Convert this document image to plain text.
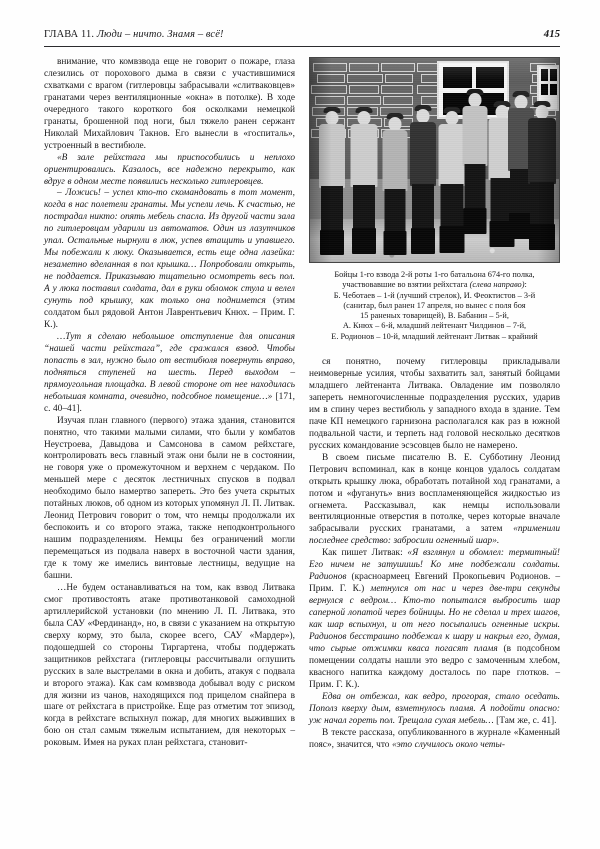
ГЛАВА 11. Люди – ничто. Знамя – всё!	415

внимание, что комвзвода еще не говорит о пожаре, глаза слезились от порохового дыма в связи с участившимися схватками с врагом (гитлеровцы забрасывали «слитваковцев» гранатами через вентиляционные «окна» в потолке). В ходе очередного такого короткого боя осколками немецкой гранаты, брошенной под ноги, был тяжело ранен сержант Николай Михайлович Такнов. Его вынесли в «госпиталь», устроенный в вестибюле.

«В зале рейхстага мы приспособились и неплохо ориентировались. Казалось, все надежно перекрыто, как вдруг в одном месте появились несколько гитлеровцев.

– Ложись! – успел кто-то скомандовать в тот момент, когда в нас полетели гранаты. Мы успели лечь. К счастью, не пострадал никто: опять мебель спасла. Из другой части зала по гитлеровцам ударили из автоматов. Один из лазутчиков упал. Остальные нырнули в люк, успев втащить и упавшего. Мы побежали к люку. Оказывается, есть еще одна лазейка: незаметно вделанная в пол крышка… Попробовали открыть, не поддается. Приказываю тщательно осмотреть весь пол. А у люка поставил солдата, дал в руки обломок стула и велел сунуть под крышку, как только она поднимется (этим солдатом был рядовой Антон Лаврентьевич Кнюх. – Прим. Г. К.).

…Тут я сделаю небольшое отступление для описания “нашей части рейхстага”, где сражался взвод. Чтобы попасть в зал, нужно было от вестибюля повернуть вправо, подняться ступеней на шесть. Перед выходом – прямоугольная площадка. В левой стороне от нее находилась небольшая комната, очевидно, подсобное помещение…» [171, с. 40–41].

Изучая план главного (первого) этажа здания, становится понятно, что такими малыми силами, что были у комбатов Неустроева, Давыдова и Самсонова в самом рейхстаге, контролировать весь главный этаж они были не в состоянии, не говоря уже о промежуточном и верхнем с чердаком. По меньшей мере с десяток лестничных спусков в подвал необходимо было намертво запереть. Это без учета скрытых потайных люков, об одном из которых упомянул Л. П. Литвак. Леонид Петрович говорит о том, что немцы продолжали их беспокоить и со второго этажа, также неподконтрольного нашим подразделениям. Немцы без ограничений могли перемещаться из подвала наверх в восточной части здания, где к тому же имелись винтовые лестницы, ведущие на башни.

…Не будем останавливаться на том, как взвод Литвака смог противостоять атаке противотанковой самоходной артиллерийской установки (по мнению Л. П. Литвака, это была САУ «Фердинанд», но, в связи с указанием на открытую сверху корму, это была, скорее всего, САУ «Мардер»), подошедшей со стороны Тиргартена, чтобы поддержать защитников рейхстага (гитлеровцы рассчитывали оглушить русских в зале выстрелами в окна и добить, атакуя с подвала и второго этажа). Как сам комвзвода добывал воду с риском для жизни из чанов, находящихся под прицелом снайпера в шаге от рейхстага в пристройке. Еще раз отметим тот эпизод, когда в рейхстаге вспыхнул пожар, для многих выживших в бою он стал самым тяжелым испытанием, для некоторых – роковым. Имея на руках план рейхстага, становит-

Бойцы 1-го взвода 2-й роты 1-го батальона 674-го полка,
участвовавшие во взятии рейхстага (слева направо):
Б. Чеботаев – 1-й (лучший стрелок), И. Феоктистов – 3-й
(санитар, был ранен 17 апреля, но вынес с поля боя
15 раненых товарищей), В. Бабанин – 5-й,
А. Кнюх – 6-й, младший лейтенант Чилдинов – 7-й,
Е. Родионов – 10-й, младший лейтенант Литвак – крайний

ся понятно, почему гитлеровцы прикладывали неимоверные усилия, чтобы захватить зал, занятый бойцами младшего лейтенанта Литвака. Овладение им позволяло запереть немногочисленные подразделения русских, ударив им в спину через вестибюль у западного входа в здание. Тем паче КП немецкого гарнизона располагался как раз в южной подвальной части, и терпеть над головой несколько десятков русских командование эсэсовцев было не намерено.

В своем письме писателю В. Е. Субботину Леонид Петрович вспоминал, как в конце концов удалось солдатам открыть крышку люка, обработать потайной ход гранатами, а потом и «фугануть» вниз воспламеняющейся жидкостью из огнемета. Рассказывал, как немцы использовали вентиляционные отверстия в потолке, через которые вначале забрасывали русских гранатами, а затем «применили последнее средство: забросили огненный шар».

Как пишет Литвак: «Я взглянул и обомлел: термитный! Его ничем не затушишь! Ко мне подбежали солдаты. Радионов (красноармеец Евгений Прокопьевич Родионов. – Прим. Г. К.) метнулся от нас и через две-три секунды вернулся с ведром… Кто-то попытался выбросить шар саперной лопатой через бойницы. Но не сделал и трех шагов, как шар вспыхнул, и от него посыпались огненные искры. Радионов бесстрашно подбежал к шару и накрыл его, думая, что сырые отжимки кваса погасят пламя (в подсобном помещении солдаты нашли это ведро с замоченным хлебом, квасного напитка каждому досталось по паре глотков. – Прим. Г. К.).

Едва он отбежал, как ведро, прогорая, стало оседать. Пополз кверху дым, взметнулось пламя. А подойти опасно: уж начал гореть пол. Трещала сухая мебель… [Там же, с. 41].

В тексте рассказа, опубликованного в журнале «Каменный пояс», значится, что «это случилось около четы-
